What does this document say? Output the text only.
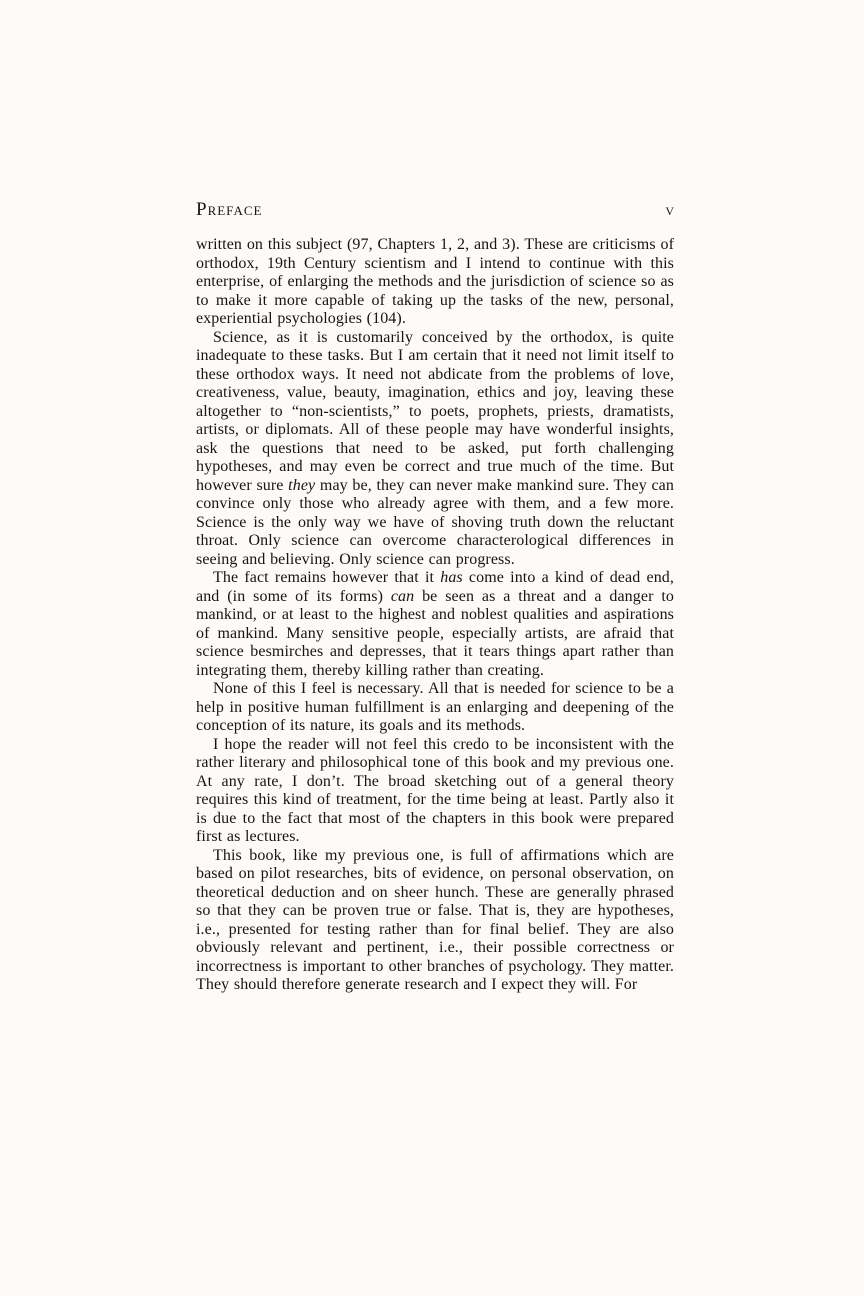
Preface	v

written on this subject (97, Chapters 1, 2, and 3). These are criticisms of orthodox, 19th Century scientism and I intend to continue with this enterprise, of enlarging the methods and the jurisdiction of science so as to make it more capable of taking up the tasks of the new, personal, experiential psychologies (104).

Science, as it is customarily conceived by the orthodox, is quite inadequate to these tasks. But I am certain that it need not limit itself to these orthodox ways. It need not abdicate from the problems of love, creativeness, value, beauty, imagination, ethics and joy, leaving these altogether to “non-scientists,” to poets, prophets, priests, dramatists, artists, or diplomats. All of these people may have wonderful insights, ask the questions that need to be asked, put forth challenging hypotheses, and may even be correct and true much of the time. But however sure they may be, they can never make mankind sure. They can convince only those who already agree with them, and a few more. Science is the only way we have of shoving truth down the reluctant throat. Only science can overcome characterological differences in seeing and believing. Only science can progress.

The fact remains however that it has come into a kind of dead end, and (in some of its forms) can be seen as a threat and a danger to mankind, or at least to the highest and noblest qualities and aspirations of mankind. Many sensitive people, especially artists, are afraid that science besmirches and depresses, that it tears things apart rather than integrating them, thereby killing rather than creating.

None of this I feel is necessary. All that is needed for science to be a help in positive human fulfillment is an enlarging and deepening of the conception of its nature, its goals and its methods.

I hope the reader will not feel this credo to be inconsistent with the rather literary and philosophical tone of this book and my previous one. At any rate, I don’t. The broad sketching out of a general theory requires this kind of treatment, for the time being at least. Partly also it is due to the fact that most of the chapters in this book were prepared first as lectures.

This book, like my previous one, is full of affirmations which are based on pilot researches, bits of evidence, on personal observation, on theoretical deduction and on sheer hunch. These are generally phrased so that they can be proven true or false. That is, they are hypotheses, i.e., presented for testing rather than for final belief. They are also obviously relevant and pertinent, i.e., their possible correctness or incorrectness is important to other branches of psychology. They matter. They should therefore generate research and I expect they will. For
